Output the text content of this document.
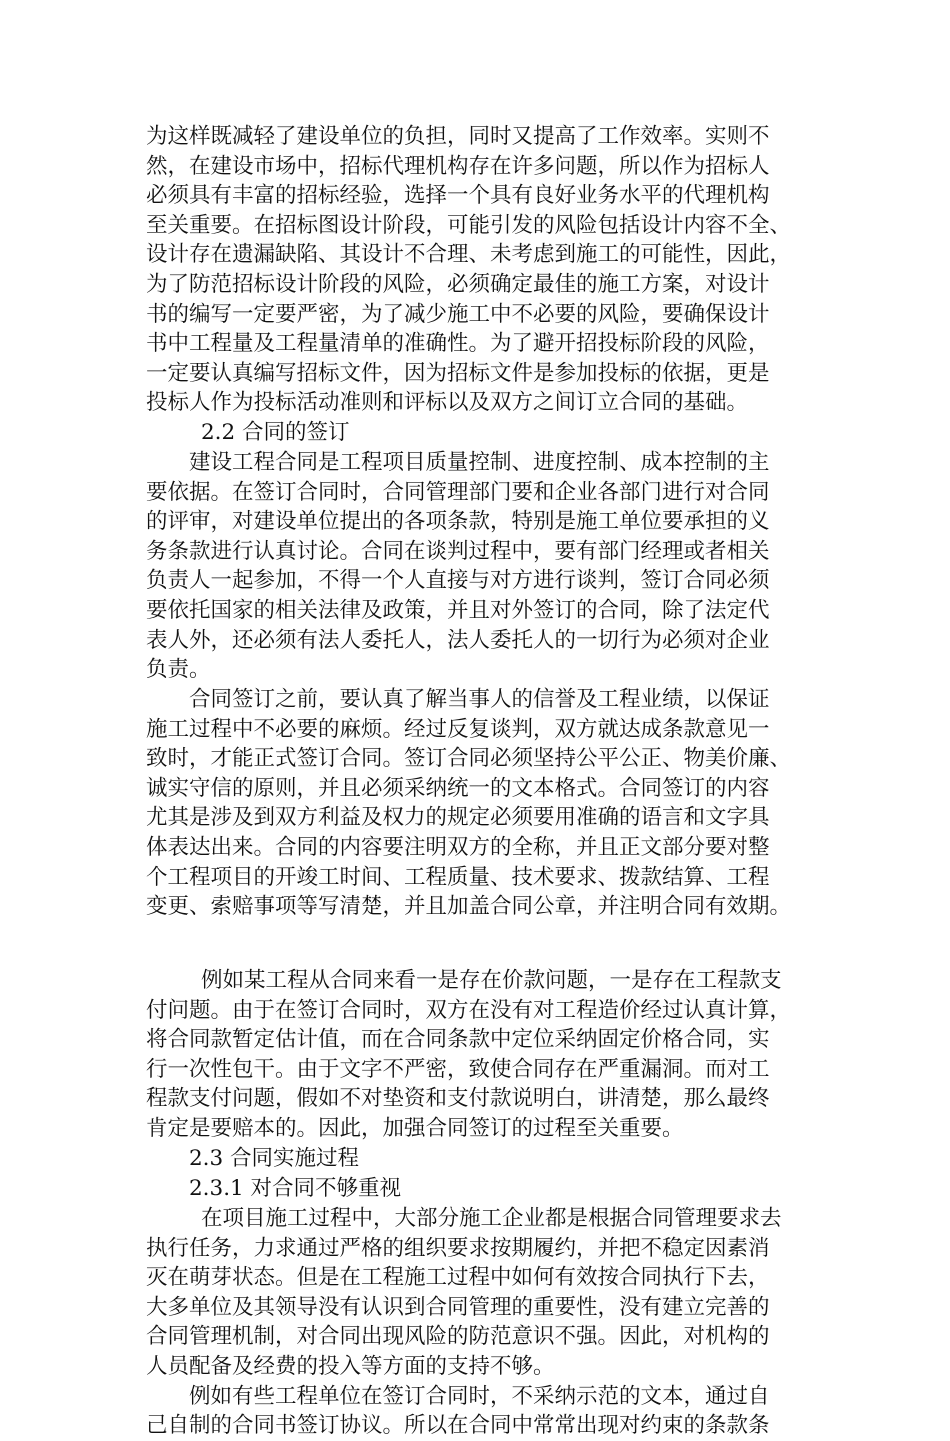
为这样既减轻了建设单位的负担，同时又提高了工作效率。实则不
然，在建设市场中，招标代理机构存在许多问题，所以作为招标人
必须具有丰富的招标经验，选择一个具有良好业务水平的代理机构
至关重要。在招标图设计阶段，可能引发的风险包括设计内容不全、
设计存在遗漏缺陷、其设计不合理、未考虑到施工的可能性，因此，
为了防范招标设计阶段的风险，必须确定最佳的施工方案，对设计
书的编写一定要严密，为了减少施工中不必要的风险，要确保设计
书中工程量及工程量清单的准确性。为了避开招投标阶段的风险，
一定要认真编写招标文件，因为招标文件是参加投标的依据，更是
投标人作为投标活动准则和评标以及双方之间订立合同的基础。
2.2 合同的签订
建设工程合同是工程项目质量控制、进度控制、成本控制的主
要依据。在签订合同时，合同管理部门要和企业各部门进行对合同
的评审，对建设单位提出的各项条款，特别是施工单位要承担的义
务条款进行认真讨论。合同在谈判过程中，要有部门经理或者相关
负责人一起参加，不得一个人直接与对方进行谈判，签订合同必须
要依托国家的相关法律及政策，并且对外签订的合同，除了法定代
表人外，还必须有法人委托人，法人委托人的一切行为必须对企业
负责。
合同签订之前，要认真了解当事人的信誉及工程业绩，以保证
施工过程中不必要的麻烦。经过反复谈判，双方就达成条款意见一
致时，才能正式签订合同。签订合同必须坚持公平公正、物美价廉、
诚实守信的原则，并且必须采纳统一的文本格式。合同签订的内容
尤其是涉及到双方利益及权力的规定必须要用准确的语言和文字具
体表达出来。合同的内容要注明双方的全称，并且正文部分要对整
个工程项目的开竣工时间、工程质量、技术要求、拨款结算、工程
变更、索赔事项等写清楚，并且加盖合同公章，并注明合同有效期。
例如某工程从合同来看一是存在价款问题，一是存在工程款支
付问题。由于在签订合同时，双方在没有对工程造价经过认真计算，
将合同款暂定估计值，而在合同条款中定位采纳固定价格合同，实
行一次性包干。由于文字不严密，致使合同存在严重漏洞。而对工
程款支付问题，假如不对垫资和支付款说明白，讲清楚，那么最终
肯定是要赔本的。因此，加强合同签订的过程至关重要。
2.3 合同实施过程
2.3.1 对合同不够重视
在项目施工过程中，大部分施工企业都是根据合同管理要求去
执行任务，力求通过严格的组织要求按期履约，并把不稳定因素消
灭在萌芽状态。但是在工程施工过程中如何有效按合同执行下去，
大多单位及其领导没有认识到合同管理的重要性，没有建立完善的
合同管理机制，对合同出现风险的防范意识不强。因此，对机构的
人员配备及经费的投入等方面的支持不够。
例如有些工程单位在签订合同时，不采纳示范的文本，通过自
己自制的合同书签订协议。所以在合同中常常出现对约束的条款条
